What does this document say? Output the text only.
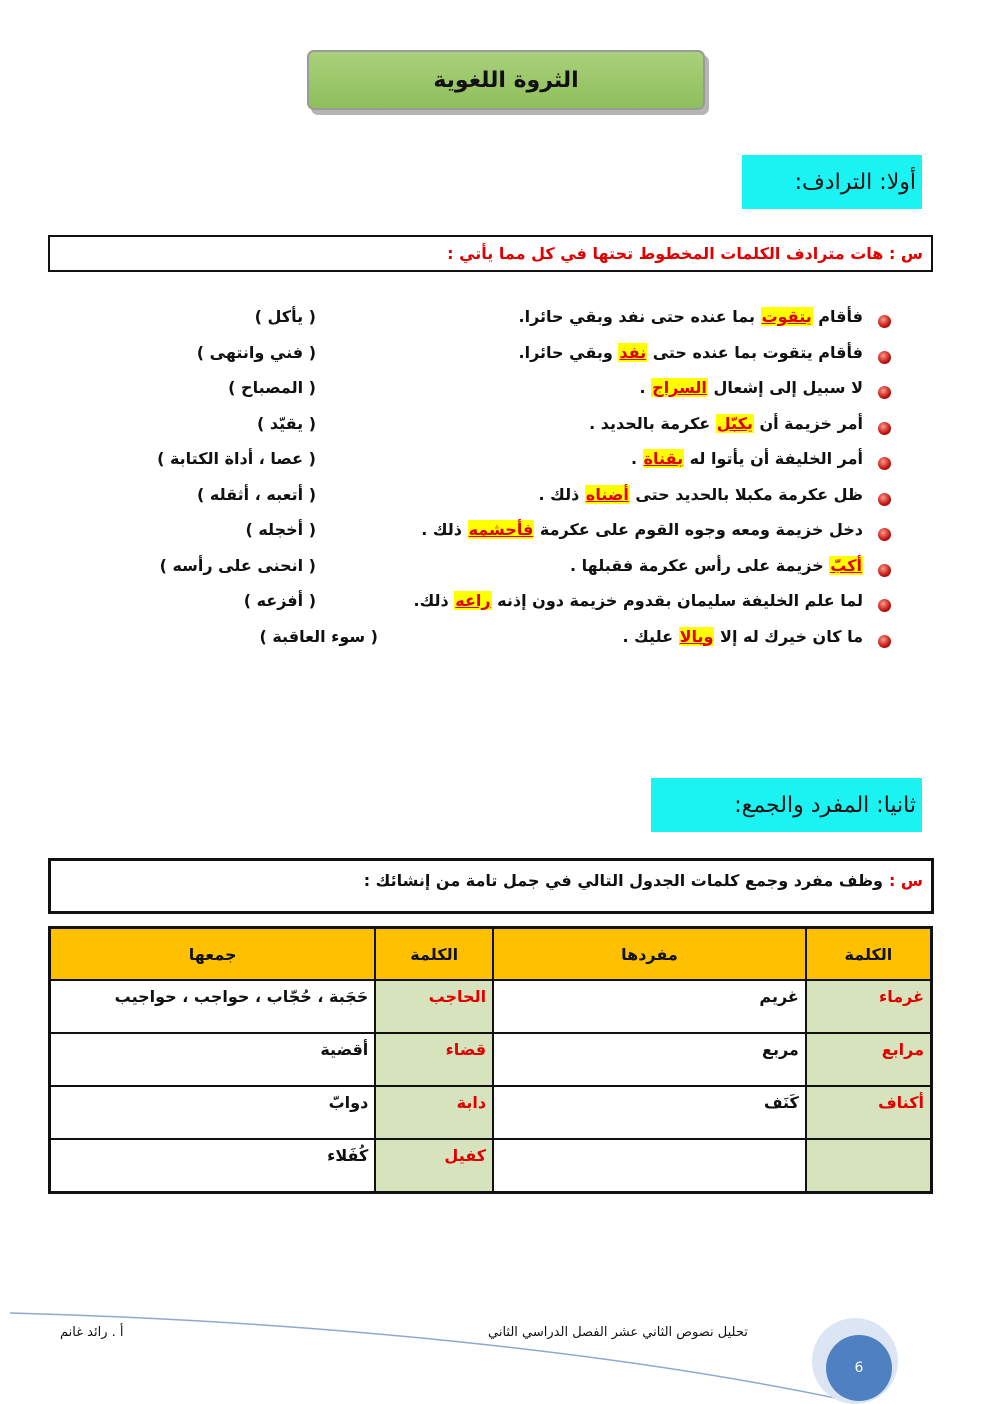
الثروة اللغوية
أولا: الترادف:
س : هات مترادف الكلمات المخطوط تحتها في كل مما يأتي :
فأقام يتقوت بما عنده حتى نفد وبقي حائرا.
( يأكل )
فأقام يتقوت بما عنده حتى نفد وبقي حائرا.
( فني وانتهى )
لا سبيل إلى إشعال السراج .
( المصباح )
أمر خزيمة أن يكبّل عكرمة بالحديد .
( يقيّد )
أمر الخليفة أن يأتوا له بقناة .
( عصا ، أداة الكتابة )
ظل عكرمة مكبلا بالحديد حتى أضناه ذلك .
( أتعبه ، أثقله )
دخل خزيمة ومعه وجوه القوم على عكرمة فأحشمه ذلك .
( أخجله )
أكبّ خزيمة على رأس عكرمة فقبلها .
( انحنى على رأسه )
لما علم الخليفة سليمان بقدوم خزيمة دون إذنه راعه ذلك.
( أفزعه )
ما كان خيرك له إلا وبالا عليك .
( سوء العاقبة )
ثانيا: المفرد والجمع:
س :
وظف مفرد وجمع كلمات الجدول التالي في جمل تامة من إنشائك :
الكلمة	مفردها	الكلمة	جمعها
غرماء	غريم	الحاجب	حَجَبة ، حُجّاب ، حواجب ، حواجيب
مرابع	مربع	قضاء	أقضية
أكناف	كَنَف	دابة	دوابّ
		كفيل	كُفَلاء
تحليل نصوص الثاني عشر الفصل الدراسي الثاني
أ . رائد غانم
6
